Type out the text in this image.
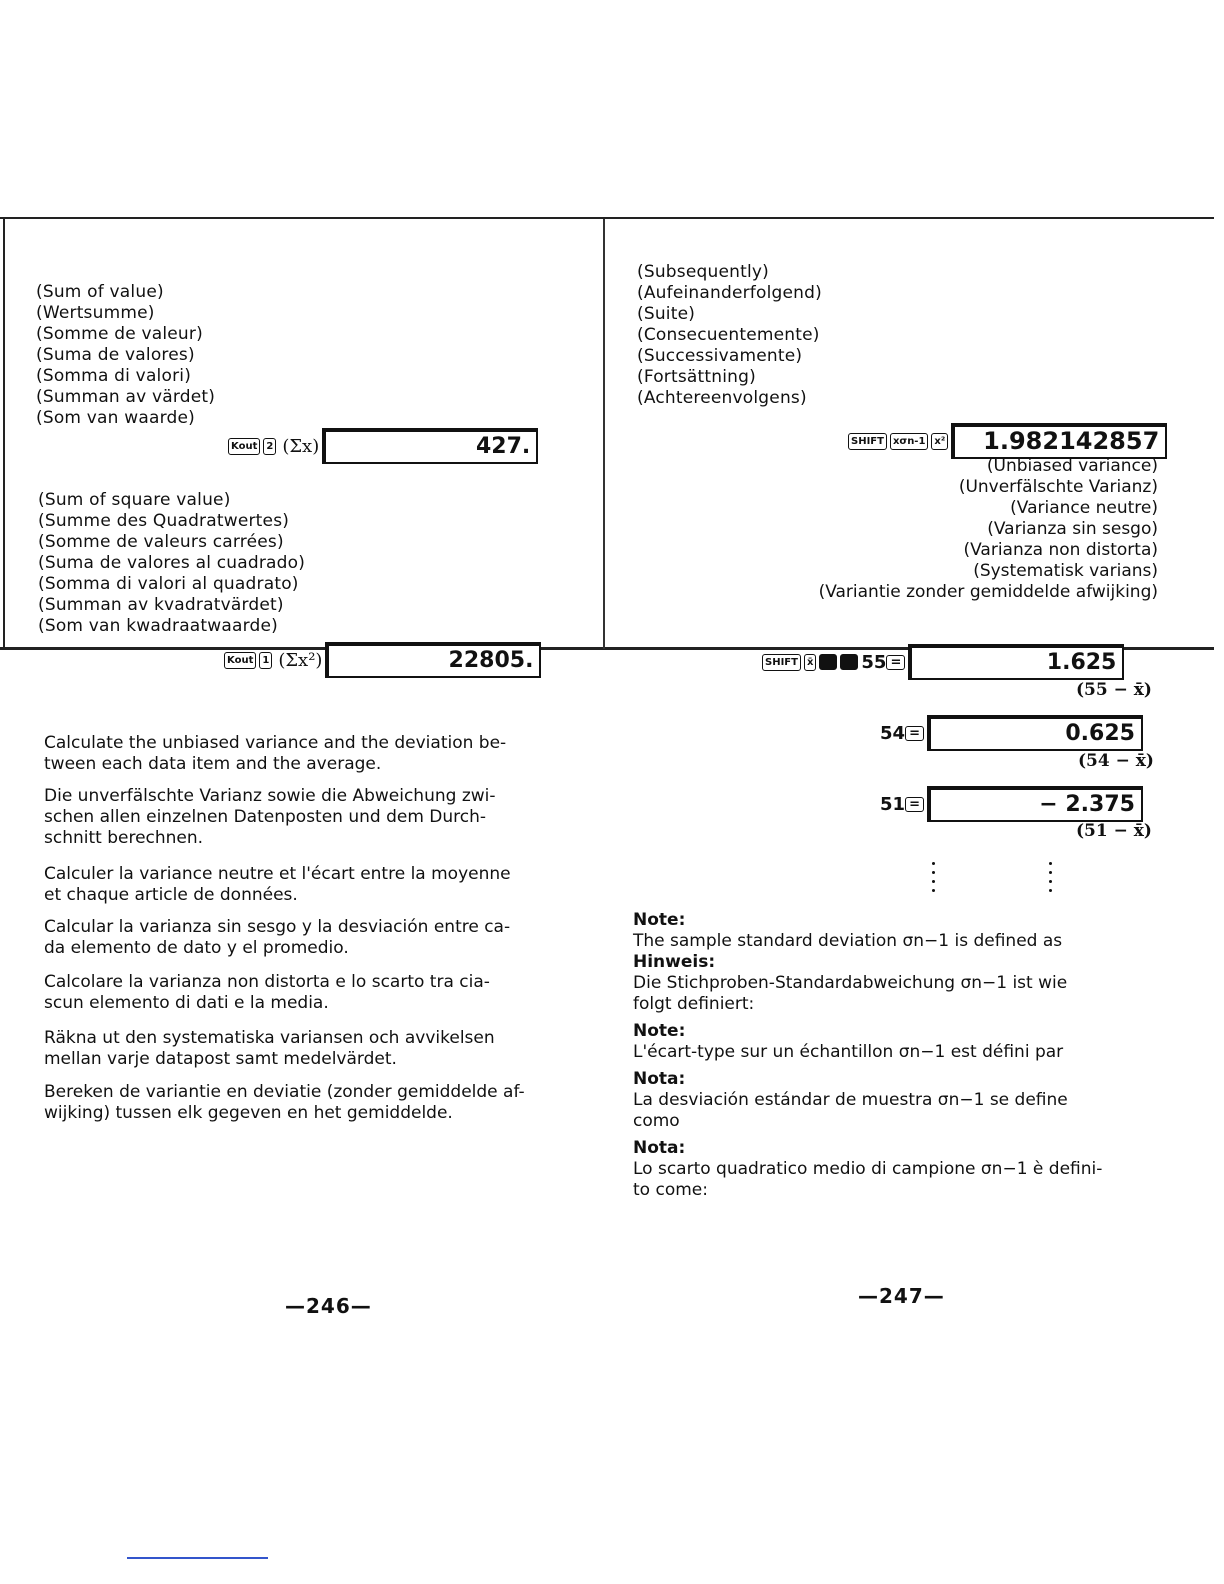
(Sum of value)
(Wertsumme)
(Somme de valeur)
(Suma de valores)
(Somma di valori)
(Summan av värdet)
(Som van waarde)
Kout 2 (Σx)	427.
(Sum of square value)
(Summe des Quadratwertes)
(Somme de valeurs carrées)
(Suma de valores al cuadrado)
(Somma di valori al quadrato)
(Summan av kvadratvärdet)
(Som van kwadraatwaarde)
Kout 1 (Σx²)	22805.
Calculate the unbiased variance and the deviation be-
tween each data item and the average.
Die unverfälschte Varianz sowie die Abweichung zwi-
schen allen einzelnen Datenposten und dem Durch-
schnitt berechnen.
Calculer la variance neutre et l'écart entre la moyenne
et chaque article de données.
Calcular la varianza sin sesgo y la desviación entre ca-
da elemento de dato y el promedio.
Calcolare la varianza non distorta e lo scarto tra cia-
scun elemento di dati e la media.
Räkna ut den systematiska variansen och avvikelsen
mellan varje datapost samt medelvärdet.
Bereken de variantie en deviatie (zonder gemiddelde af-
wijking) tussen elk gegeven en het gemiddelde.
—246—
(Subsequently)
(Aufeinanderfolgend)
(Suite)
(Consecuentemente)
(Successivamente)
(Fortsättning)
(Achtereenvolgens)
SHIFT xσn-1 x² 1.982142857
(Unbiased variance)
(Unverfälschte Varianz)
(Variance neutre)
(Varianza sin sesgo)
(Varianza non distorta)
(Systematisk varians)
(Variantie zonder gemiddelde afwijking)
SHIFT x̄	55 =	1.625
(55 − x̄)
54 =	0.625
(54 − x̄)
51 =	− 2.375
(51 − x̄)
Note:
The sample standard deviation σn−1 is defined as
Hinweis:
Die Stichproben-Standardabweichung σn−1 ist wie
folgt definiert:
Note:
L'écart-type sur un échantillon σn−1 est défini par
Nota:
La desviación estándar de muestra σn−1 se define
como
Nota:
Lo scarto quadratico medio di campione σn−1 è defini-
to come:
—247—
